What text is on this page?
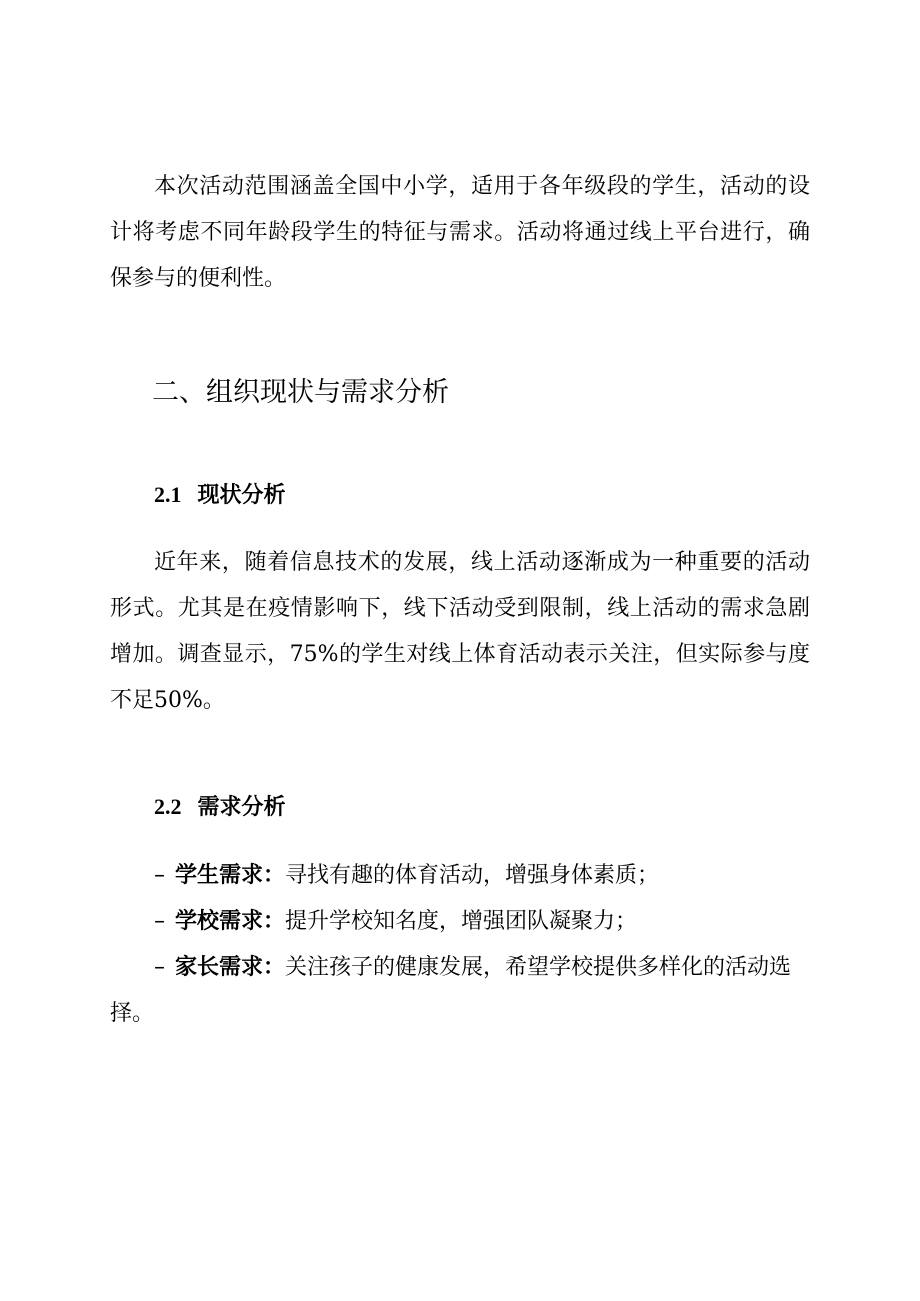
本次活动范围涵盖全国中小学，适用于各年级段的学生，活动的设计将考虑不同年龄段学生的特征与需求。活动将通过线上平台进行，确保参与的便利性。

二、组织现状与需求分析
2.1 现状分析

近年来，随着信息技术的发展，线上活动逐渐成为一种重要的活动形式。尤其是在疫情影响下，线下活动受到限制，线上活动的需求急剧增加。调查显示，75%的学生对线上体育活动表示关注，但实际参与度不足50%。

2.2 需求分析

– 学生需求：寻找有趣的体育活动，增强身体素质；

– 学校需求：提升学校知名度，增强团队凝聚力；

– 家长需求：关注孩子的健康发展，希望学校提供多样化的活动选择。
